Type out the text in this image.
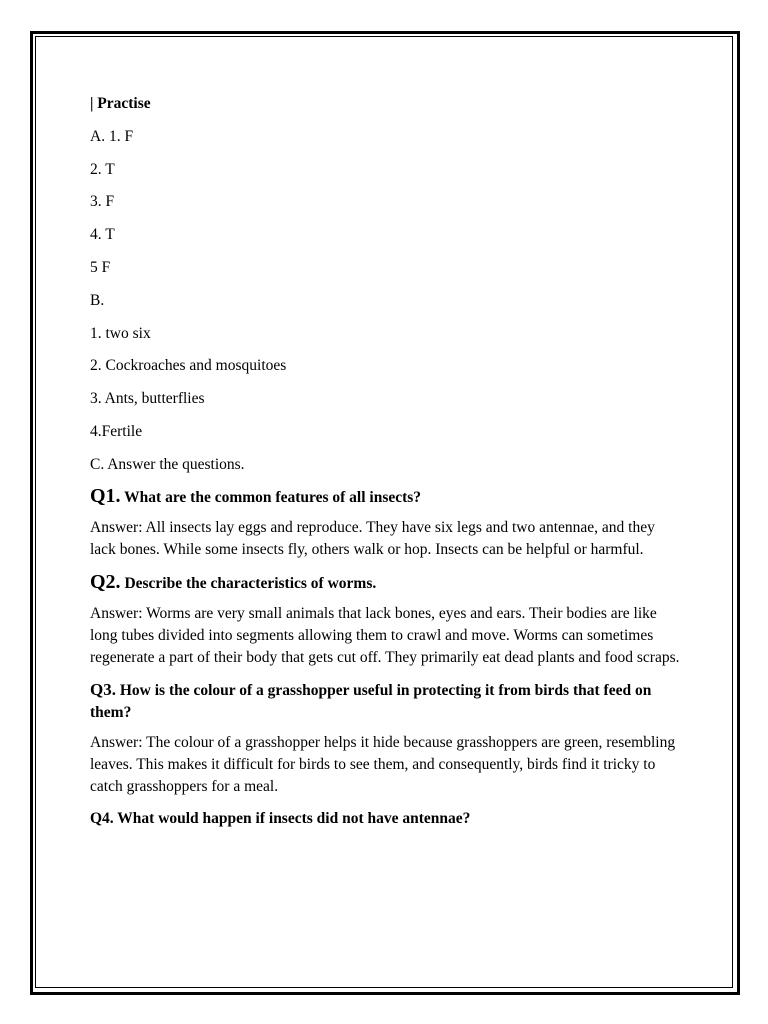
| Practise
A. 1. F
2. T
3. F
4. T
5 F
B.
1. two six
2. Cockroaches and mosquitoes
3. Ants, butterflies
4.Fertile
C. Answer the questions.
Q1. What are the common features of all insects?
Answer: All insects lay eggs and reproduce. They have six legs and two antennae, and they lack bones. While some insects fly, others walk or hop. Insects can be helpful or harmful.
Q2. Describe the characteristics of worms.
Answer: Worms are very small animals that lack bones, eyes and ears. Their bodies are like long tubes divided into segments allowing them to crawl and move. Worms can sometimes regenerate a part of their body that gets cut off. They primarily eat dead plants and food scraps.
Q3. How is the colour of a grasshopper useful in protecting it from birds that feed on them?
Answer: The colour of a grasshopper helps it hide because grasshoppers are green, resembling leaves. This makes it difficult for birds to see them, and consequently, birds find it tricky to catch grasshoppers for a meal.
Q4. What would happen if insects did not have antennae?
